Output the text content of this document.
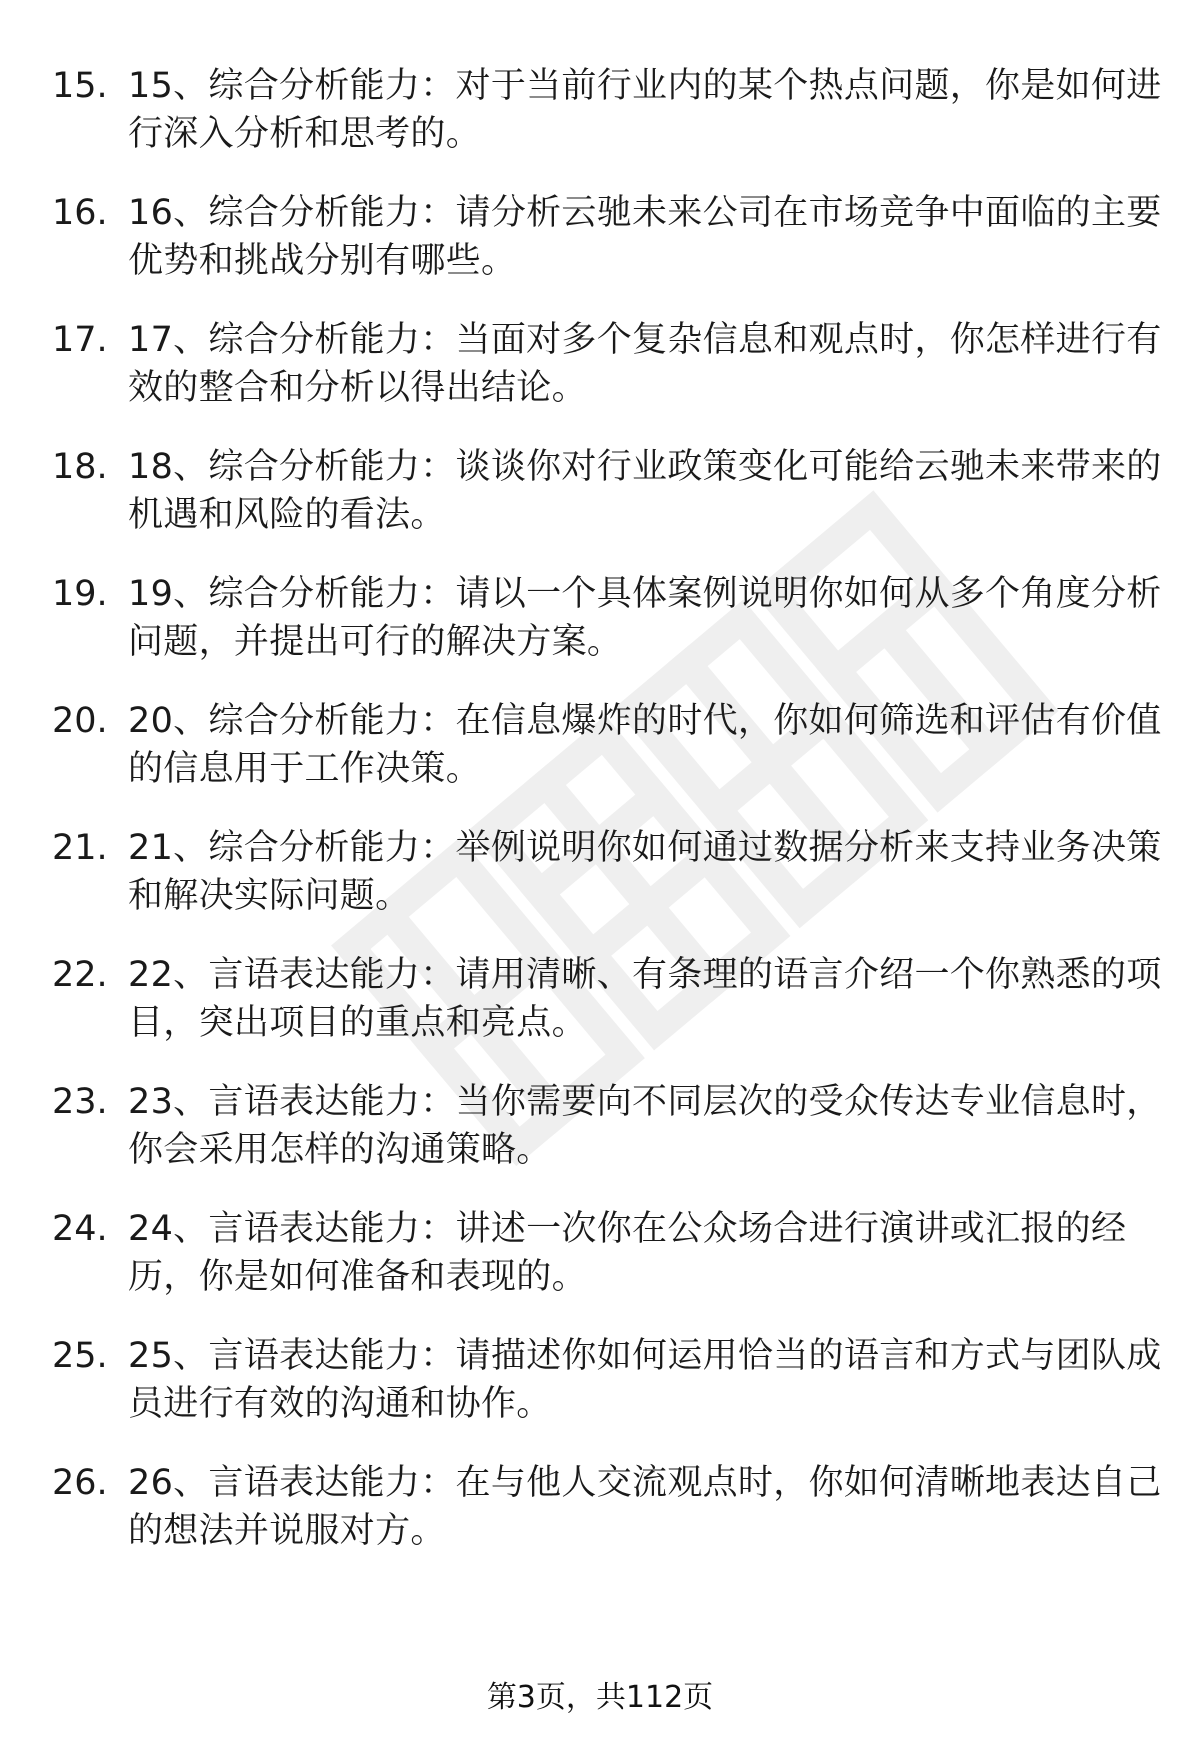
15. 15、综合分析能力：对于当前行业内的某个热点问题，你是如何进行深入分析和思考的。
16. 16、综合分析能力：请分析云驰未来公司在市场竞争中面临的主要优势和挑战分别有哪些。
17. 17、综合分析能力：当面对多个复杂信息和观点时，你怎样进行有效的整合和分析以得出结论。
18. 18、综合分析能力：谈谈你对行业政策变化可能给云驰未来带来的机遇和风险的看法。
19. 19、综合分析能力：请以一个具体案例说明你如何从多个角度分析问题，并提出可行的解决方案。
20. 20、综合分析能力：在信息爆炸的时代，你如何筛选和评估有价值的信息用于工作决策。
21. 21、综合分析能力：举例说明你如何通过数据分析来支持业务决策和解决实际问题。
22. 22、言语表达能力：请用清晰、有条理的语言介绍一个你熟悉的项目，突出项目的重点和亮点。
23. 23、言语表达能力：当你需要向不同层次的受众传达专业信息时，你会采用怎样的沟通策略。
24. 24、言语表达能力：讲述一次你在公众场合进行演讲或汇报的经历，你是如何准备和表现的。
25. 25、言语表达能力：请描述你如何运用恰当的语言和方式与团队成员进行有效的沟通和协作。
26. 26、言语表达能力：在与他人交流观点时，你如何清晰地表达自己的想法并说服对方。
第3页，共112页
